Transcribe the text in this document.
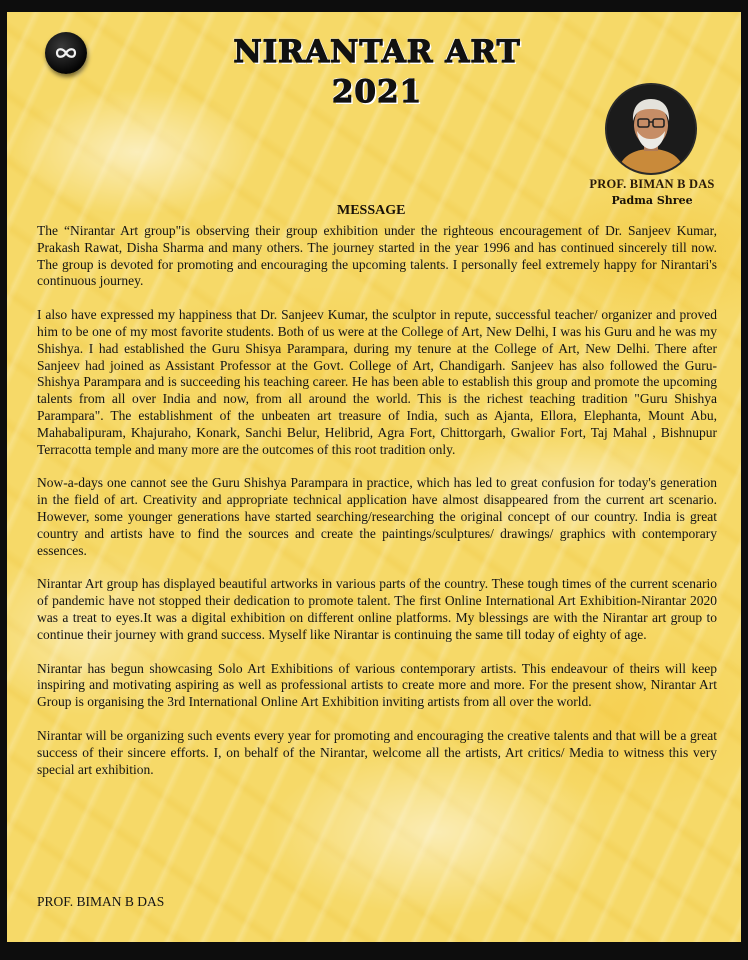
NIRANTAR ART 2021
PROF. BIMAN B DAS
Padma Shree
MESSAGE

The “Nirantar Art group"is observing their group exhibition under the righteous encouragement of Dr. Sanjeev Kumar, Prakash Rawat, Disha Sharma and many others. The journey started in the year 1996 and has continued sincerely till now. The group is devoted for promoting and encouraging the upcoming talents. I personally feel extremely happy for Nirantari's continuous journey.

I also have expressed my happiness that Dr. Sanjeev Kumar, the sculptor in repute, successful teacher/ organizer and proved him to be one of my most favorite students. Both of us were at the College of Art, New Delhi, I was his Guru and he was my Shishya. I had established the Guru Shisya Parampara, during my tenure at the College of Art, New Delhi. There after Sanjeev had joined as Assistant Professor at the Govt. College of Art, Chandigarh. Sanjeev has also followed the Guru-Shishya Parampara and is succeeding his teaching career. He has been able to establish this group and promote the upcoming talents from all over India and now, from all around the world. This is the richest teaching tradition "Guru Shishya Parampara". The establishment of the unbeaten art treasure of India, such as Ajanta, Ellora, Elephanta, Mount Abu, Mahabalipuram, Khajuraho, Konark, Sanchi Belur, Helibrid, Agra Fort, Chittorgarh, Gwalior Fort, Taj Mahal , Bishnupur Terracotta temple and many more are the outcomes of this root tradition only.

Now-a-days one cannot see the Guru Shishya Parampara in practice, which has led to great confusion for today's generation in the field of art. Creativity and appropriate technical application have almost disappeared from the current art scenario. However, some younger generations have started searching/researching the original concept of our country. India is great country and artists have to find the sources and create the paintings/sculptures/ drawings/ graphics with contemporary essences.

Nirantar Art group has displayed beautiful artworks in various parts of the country. These tough times of the current scenario of pandemic have not stopped their dedication to promote talent. The first Online International Art Exhibition-Nirantar 2020 was a treat to eyes.It was a digital exhibition on different online platforms. My blessings are with the Nirantar art group to continue their journey with grand success. Myself like Nirantar is continuing the same till today of eighty of age.

Nirantar has begun showcasing Solo Art Exhibitions of various contemporary artists. This endeavour of theirs will keep inspiring and motivating aspiring as well as professional artists to create more and more. For the present show, Nirantar Art Group is organising the 3rd International Online Art Exhibition inviting artists from all over the world.

Nirantar will be organizing such events every year for promoting and encouraging the creative talents and that will be a great success of their sincere efforts. I, on behalf of the Nirantar, welcome all the artists, Art critics/ Media to witness this very special art exhibition.

PROF. BIMAN B DAS
